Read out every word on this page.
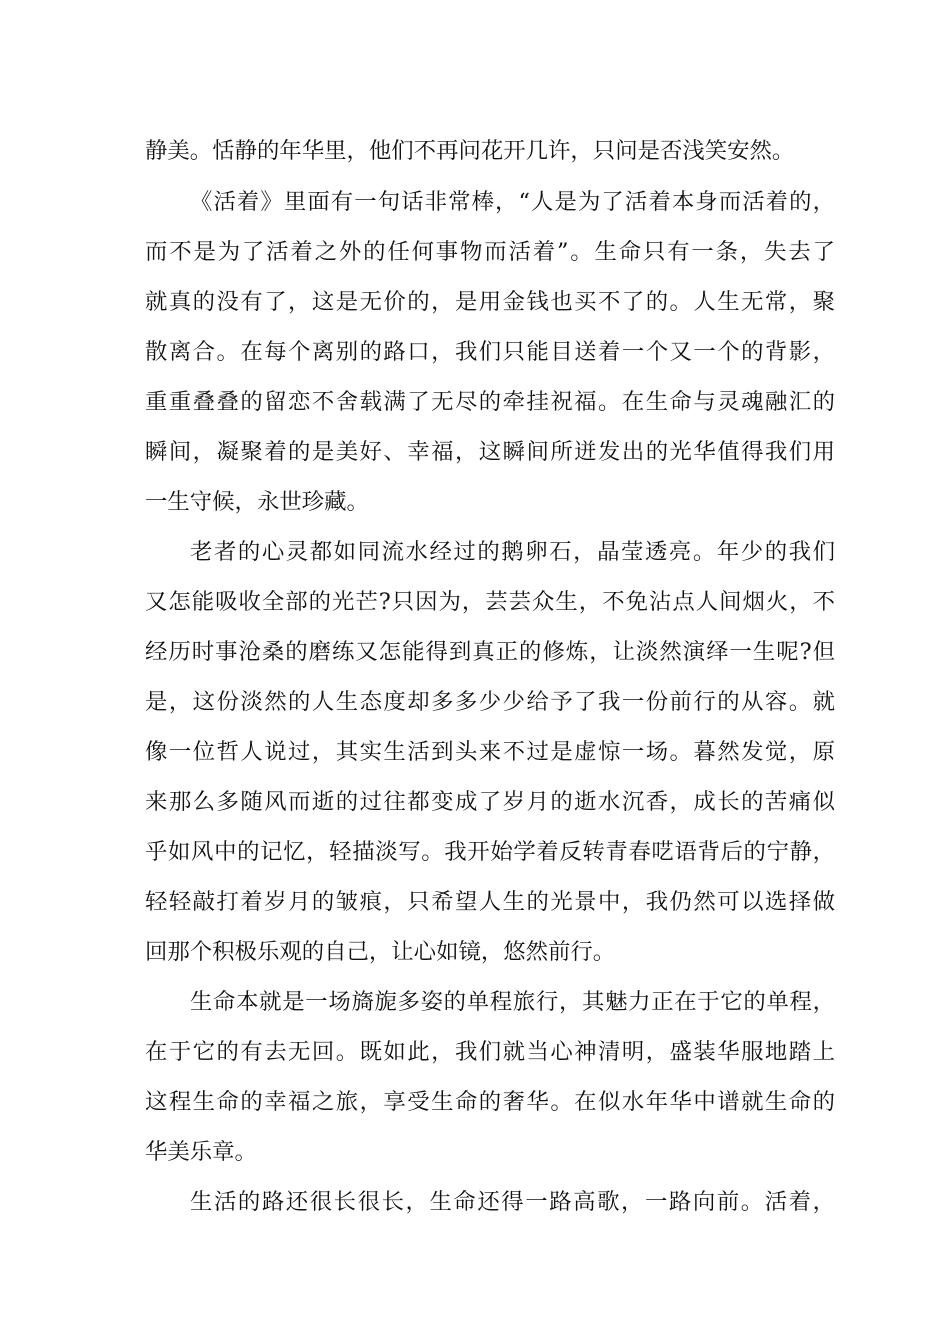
静美。恬静的年华里，他们不再问花开几许，只问是否浅笑安然。
《活着》里面有一句话非常棒，“人是为了活着本身而活着的，
而不是为了活着之外的任何事物而活着”。生命只有一条，失去了
就真的没有了，这是无价的，是用金钱也买不了的。人生无常，聚
散离合。在每个离别的路口，我们只能目送着一个又一个的背影，
重重叠叠的留恋不舍载满了无尽的牵挂祝福。在生命与灵魂融汇的
瞬间，凝聚着的是美好、幸福，这瞬间所迸发出的光华值得我们用
一生守候，永世珍藏。
老者的心灵都如同流水经过的鹅卵石，晶莹透亮。年少的我们
又怎能吸收全部的光芒?只因为，芸芸众生，不免沾点人间烟火，不
经历时事沧桑的磨练又怎能得到真正的修炼，让淡然演绎一生呢?但
是，这份淡然的人生态度却多多少少给予了我一份前行的从容。就
像一位哲人说过，其实生活到头来不过是虚惊一场。暮然发觉，原
来那么多随风而逝的过往都变成了岁月的逝水沉香，成长的苦痛似
乎如风中的记忆，轻描淡写。我开始学着反转青春呓语背后的宁静，
轻轻敲打着岁月的皱痕，只希望人生的光景中，我仍然可以选择做
回那个积极乐观的自己，让心如镜，悠然前行。
生命本就是一场旖旎多姿的单程旅行，其魅力正在于它的单程，
在于它的有去无回。既如此，我们就当心神清明，盛装华服地踏上
这程生命的幸福之旅，享受生命的奢华。在似水年华中谱就生命的
华美乐章。
生活的路还很长很长，生命还得一路高歌，一路向前。活着，
